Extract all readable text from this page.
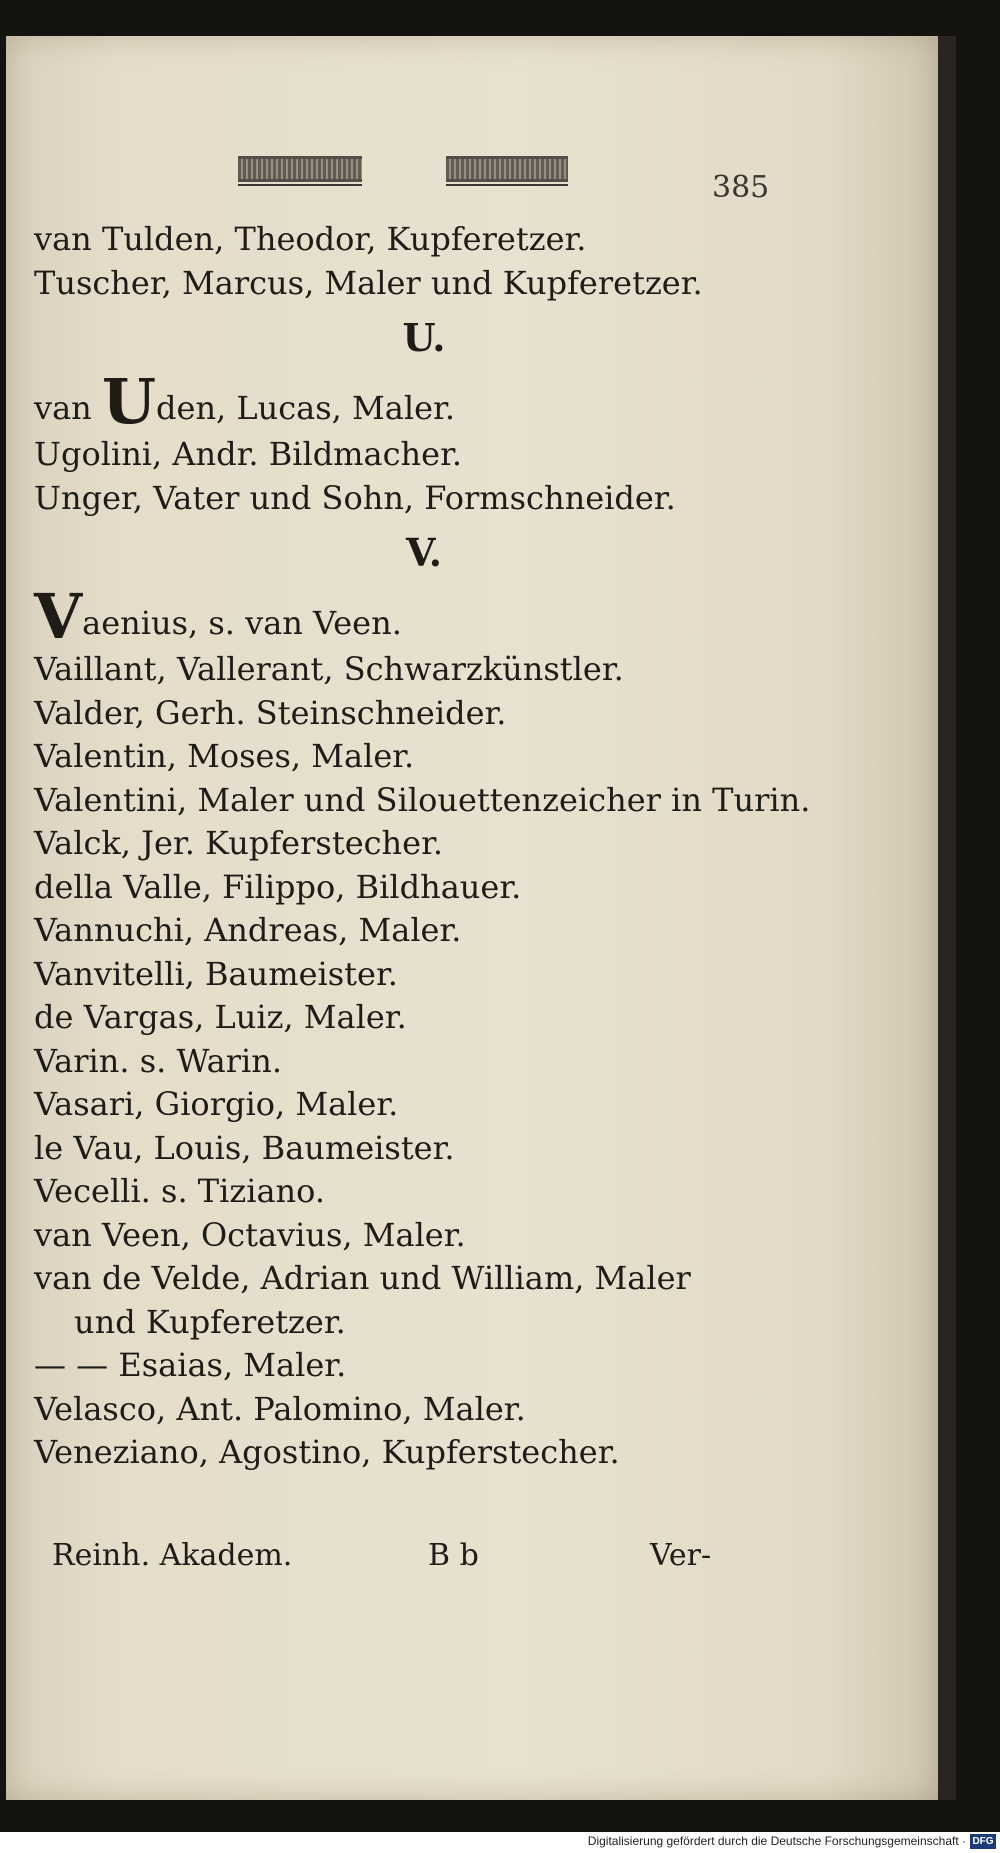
385
van Tulden, Theodor, Kupferetzer.
Tuscher, Marcus, Maler und Kupferetzer.
U.
van Uden, Lucas, Maler.
Ugolini, Andr. Bildmacher.
Unger, Vater und Sohn, Formschneider.
V.
Vaenius, s. van Veen.
Vaillant, Vallerant, Schwarzkünstler.
Valder, Gerh. Steinschneider.
Valentin, Moses, Maler.
Valentini, Maler und Silouettenzeicher in Turin.
Valck, Jer. Kupferstecher.
della Valle, Filippo, Bildhauer.
Vannuchi, Andreas, Maler.
Vanvitelli, Baumeister.
de Vargas, Luiz, Maler.
Varin. s. Warin.
Vasari, Giorgio, Maler.
le Vau, Louis, Baumeister.
Vecelli. s. Tiziano.
van Veen, Octavius, Maler.
van de Velde, Adrian und William, Maler
und Kupferetzer.
— — Esaias, Maler.
Velasco, Ant. Palomino, Maler.
Veneziano, Agostino, Kupferstecher.
Reinh. Akadem.	B b	Ver-
Digitalisierung gefördert durch die Deutsche Forschungsgemeinschaft · DFG
